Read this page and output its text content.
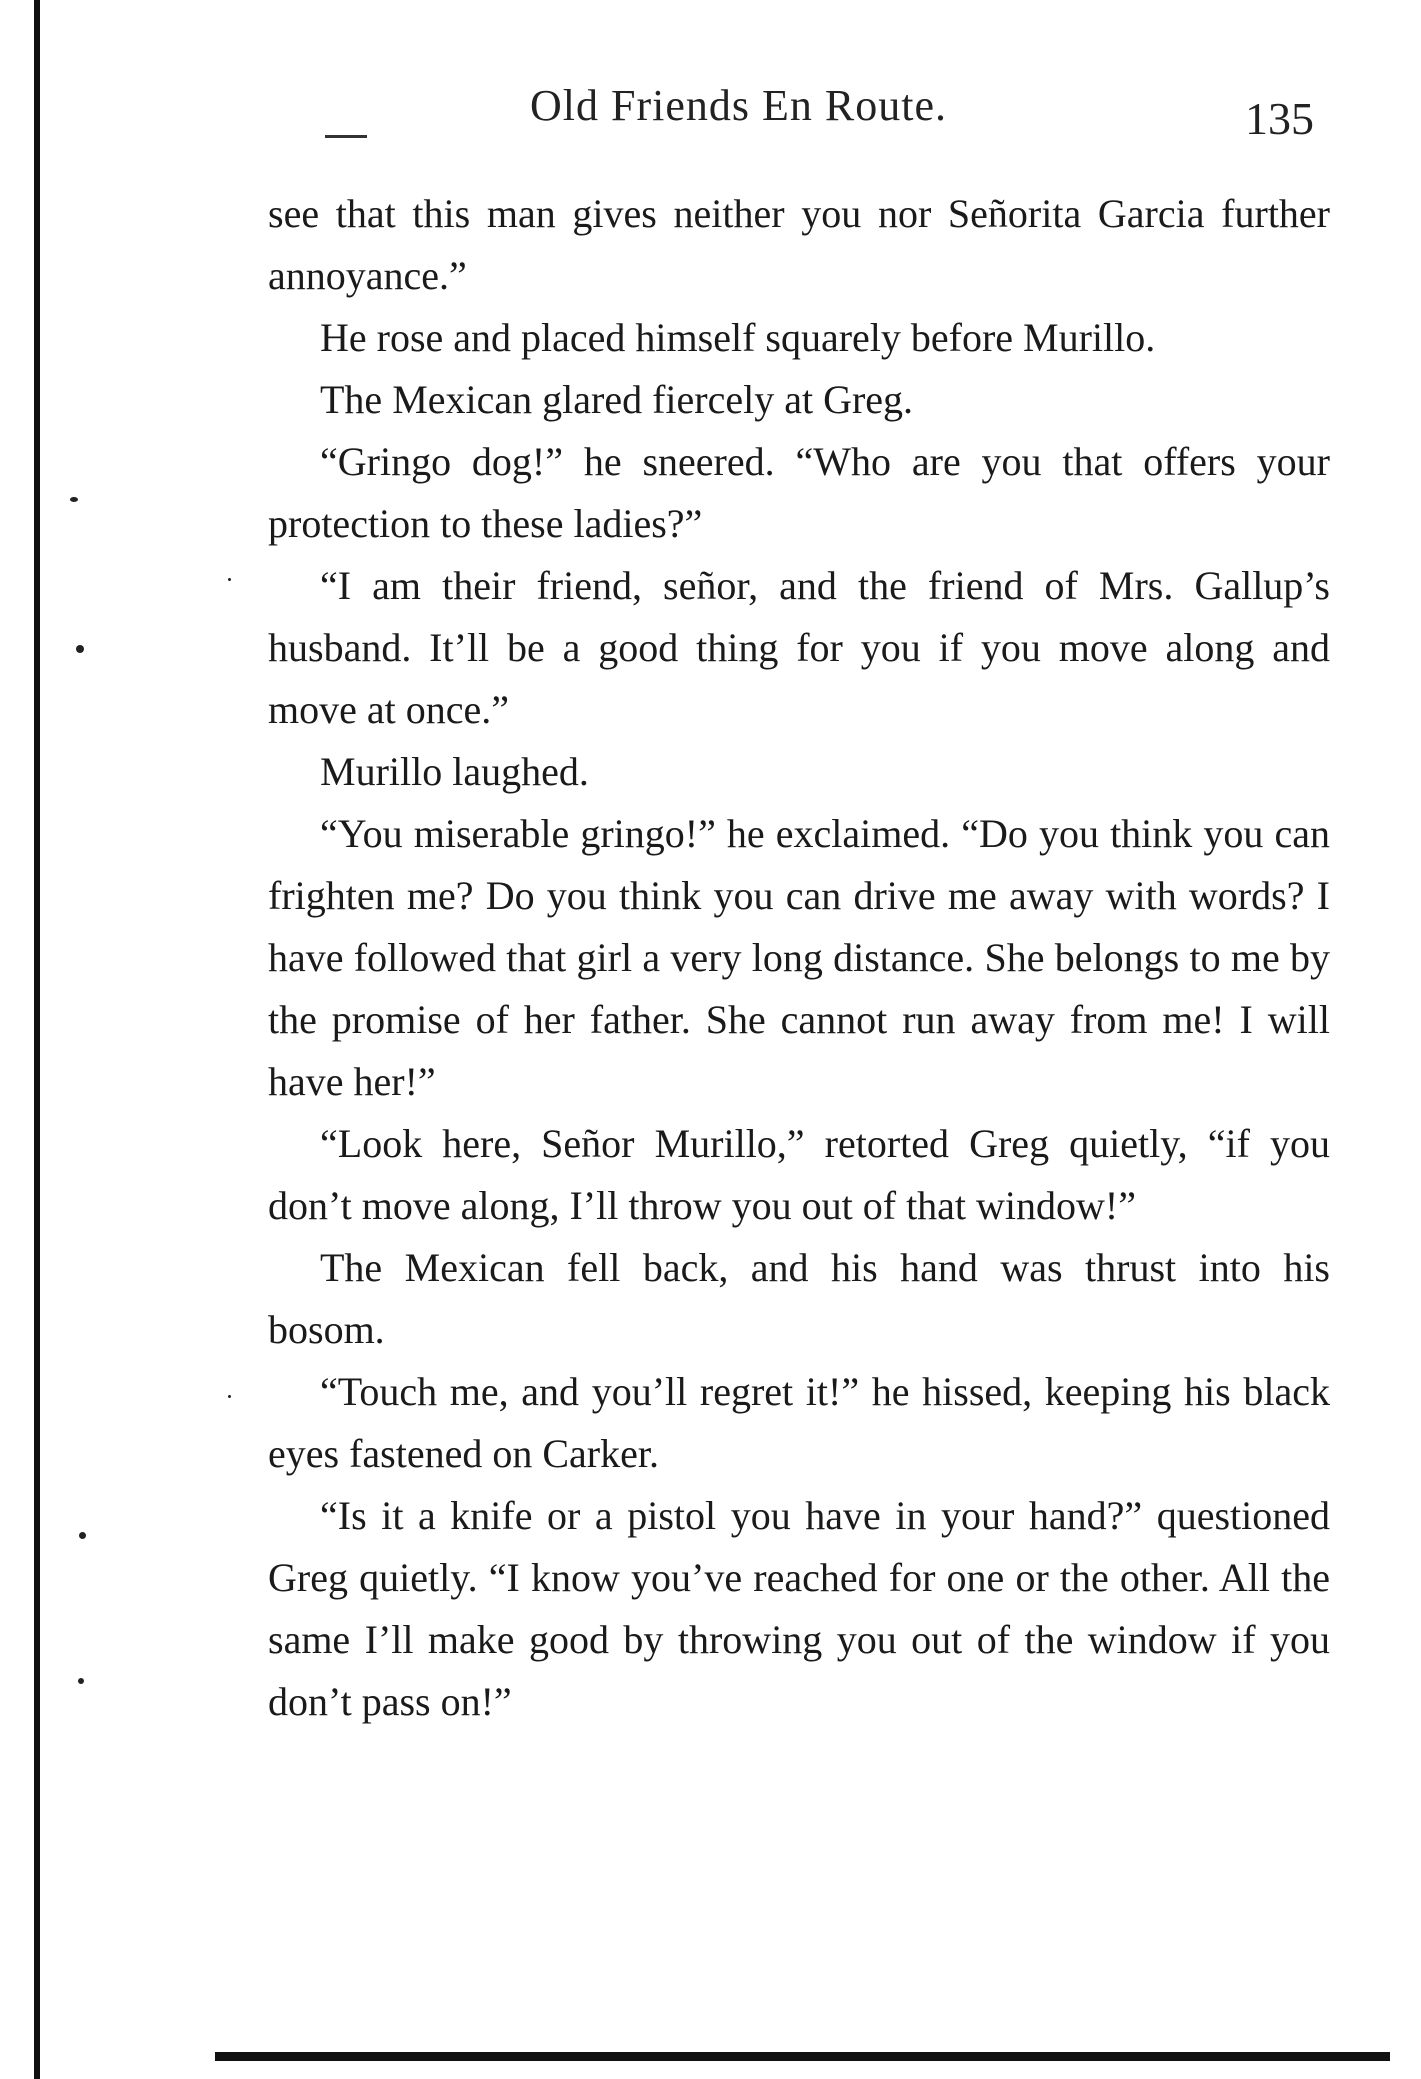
Old Friends En Route.	135

see that this man gives neither you nor Señorita Garcia further annoyance.”

He rose and placed himself squarely before Murillo.

The Mexican glared fiercely at Greg.

“Gringo dog!” he sneered. “Who are you that offers your protection to these ladies?”

“I am their friend, señor, and the friend of Mrs. Gallup’s husband. It’ll be a good thing for you if you move along and move at once.”

Murillo laughed.

“You miserable gringo!” he exclaimed. “Do you think you can frighten me? Do you think you can drive me away with words? I have followed that girl a very long distance. She belongs to me by the promise of her father. She cannot run away from me! I will have her!”

“Look here, Señor Murillo,” retorted Greg quietly, “if you don’t move along, I’ll throw you out of that window!”

The Mexican fell back, and his hand was thrust into his bosom.

“Touch me, and you’ll regret it!” he hissed, keeping his black eyes fastened on Carker.

“Is it a knife or a pistol you have in your hand?” questioned Greg quietly. “I know you’ve reached for one or the other. All the same I’ll make good by throwing you out of the window if you don’t pass on!”
